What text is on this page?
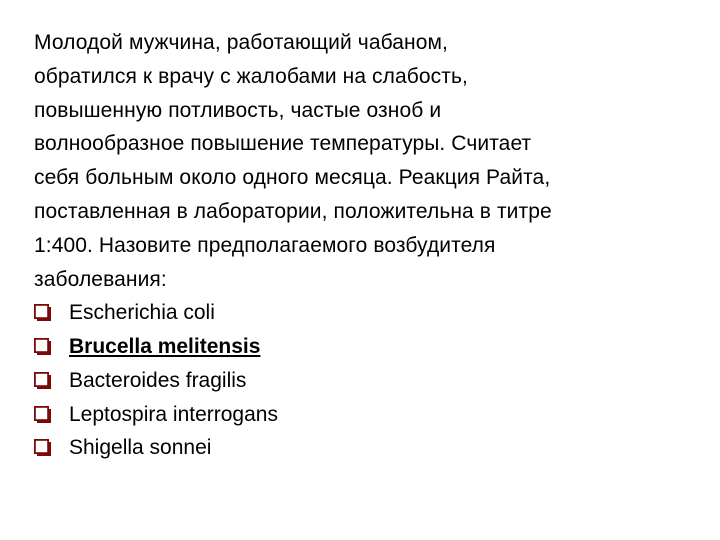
Молодой мужчина, работающий чабаном,
обратился к врачу с жалобами на слабость,
повышенную потливость, частые озноб и
волнообразное повышение температуры. Считает
себя больным около одного месяца. Реакция Райта,
поставленная в лаборатории, положительна в титре
1:400. Назовите предполагаемого возбудителя
заболевания:

Escherichia coli
Brucella melitensis
Bacteroides fragilis
Leptospira interrogans
Shigella sonnei
